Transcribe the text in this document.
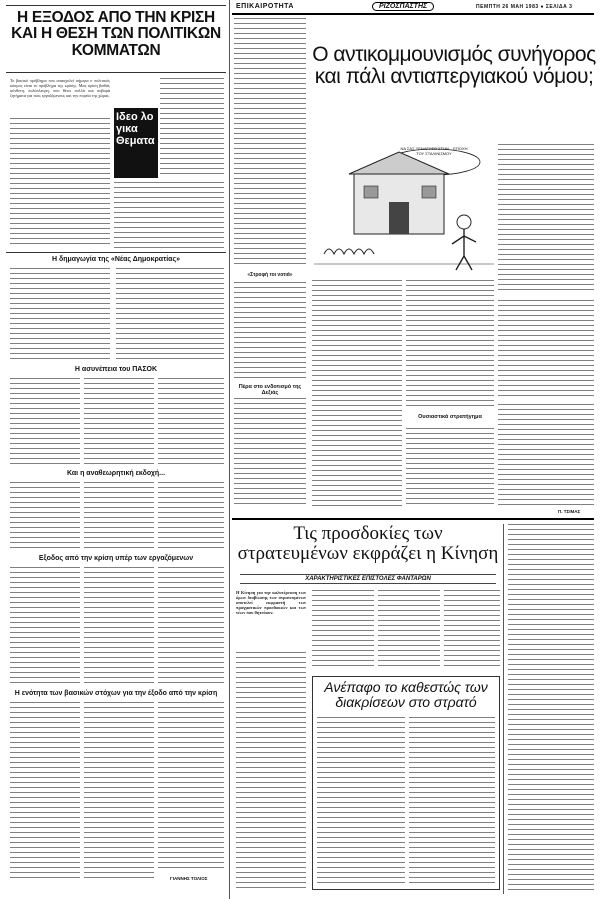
ΕΠΙΚΑΙΡΟΤΗΤΑ	ΡΙΖΟΣΠΑΣΤΗΣ	ΠΕΜΠΤΗ 26 ΜΑΗ 1983 ● ΣΕΛΙΔΑ 3
Η ΕΞΟΔΟΣ ΑΠΟ ΤΗΝ ΚΡΙΣΗ ΚΑΙ Η ΘΕΣΗ ΤΩΝ ΠΟΛΙΤΙΚΩΝ ΚΟΜΜΑΤΩΝ
Το βασικό πρόβλημα που απασχολεί σήμερα ο πολιτικός κόσμος είναι το πρόβλημα της κρίσης. Μας κρίση βαθιά, σύνθετη, πολύπλευρη, που θέτει πολλά και σοβαρά ζητήματα για τους εργαζόμενους και την πορεία της χώρας.
Ιδεο λο γικα Θεματα
Η δημαγωγία της «Νέας Δημοκρατίας»
Η ασυνέπεια του ΠΑΣΟΚ
Και η αναθεωρητική εκδοχή...
Εξοδος από την κρίση υπέρ των εργαζόμενων
Η ενότητα των βασικών στόχων για την έξοδο από την κρίση
ΓΙΑΝΝΗΣ ΤΟΛΙΟΣ
Ο αντικομμουνισμός συνήγορος και πάλι αντιαπεργιακού νόμου;
ΝΑ ΣΑΣ ΞΕΝΑΓΗΣΩ ΣΤΗΝ... ΕΠΟΧΗ ΤΟΥ ΣΤΑΛΙΝΙΣΜΟΥ
«Στροφή τοι νοτιά»
Πέρα στο ενδοτισμό της Δεξιάς
Ουσιαστικά στρατήγημα
Π. ΤΣΙΜΑΣ
Τις προσδοκίες των στρατευμένων εκφράζει η Κίνηση
ΧΑΡΑΚΤΗΡΙΣΤΙΚΕΣ ΕΠΙΣΤΟΛΕΣ ΦΑΝΤΑΡΩΝ
Η Κίνηση για την καλυτέρευση των όρων διαβίωσης των στρατευμένων αποτελεί εκφραστή των πραγματικών προσδοκιών και των νέων που θητεύουν.
Ανέπαφο το καθεστώς των διακρίσεων στο στρατό
